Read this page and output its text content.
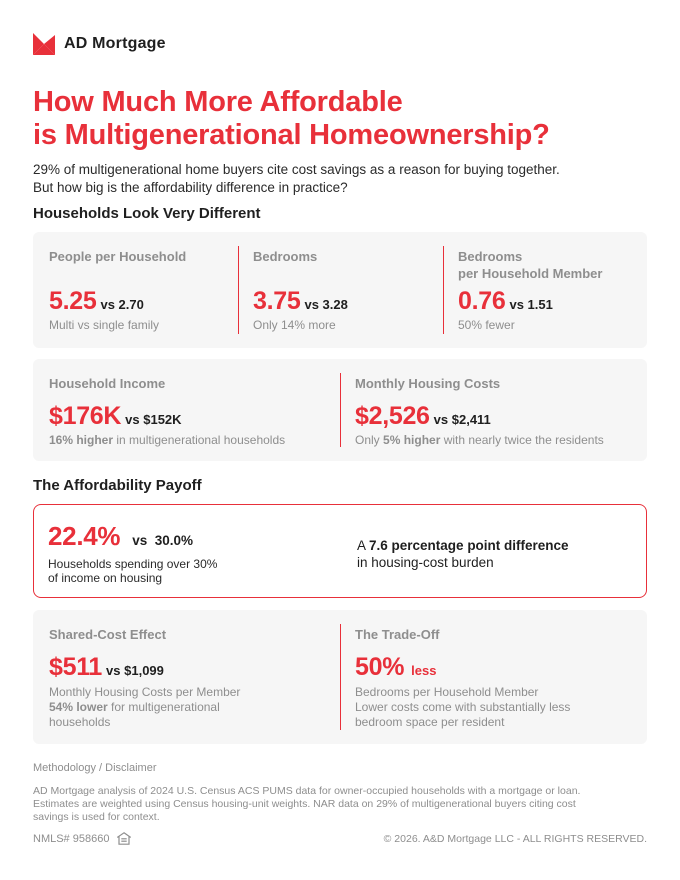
AD Mortgage
How Much More Affordable
is Multigenerational Homeownership?

29% of multigenerational home buyers cite cost savings as a reason for buying together.
But how big is the affordability difference in practice?

Households Look Very Different
People per Household
5.25 vs 2.70
Multi vs single family
Bedrooms
3.75 vs 3.28
Only 14% more
Bedrooms
per Household Member
0.76 vs 1.51
50% fewer
Household Income
$176K vs $152K
16% higher in multigenerational households
Monthly Housing Costs
$2,526 vs $2,411
Only 5% higher with nearly twice the residents
The Affordability Payoff
22.4% vs  30.0%
Households spending over 30%
of income on housing
A 7.6 percentage point difference
in housing-cost burden
Shared-Cost Effect
$511 vs $1,099
Monthly Housing Costs per Member
54% lower for multigenerational
households
The Trade-Off
50% less
Bedrooms per Household Member
Lower costs come with substantially less
bedroom space per resident
Methodology / Disclaimer

AD Mortgage analysis of 2024 U.S. Census ACS PUMS data for owner-occupied households with a mortgage or loan.
Estimates are weighted using Census housing-unit weights. NAR data on 29% of multigenerational buyers citing cost
savings is used for context.

NMLS# 958660	© 2026. A&D Mortgage LLC - ALL RIGHTS RESERVED.
